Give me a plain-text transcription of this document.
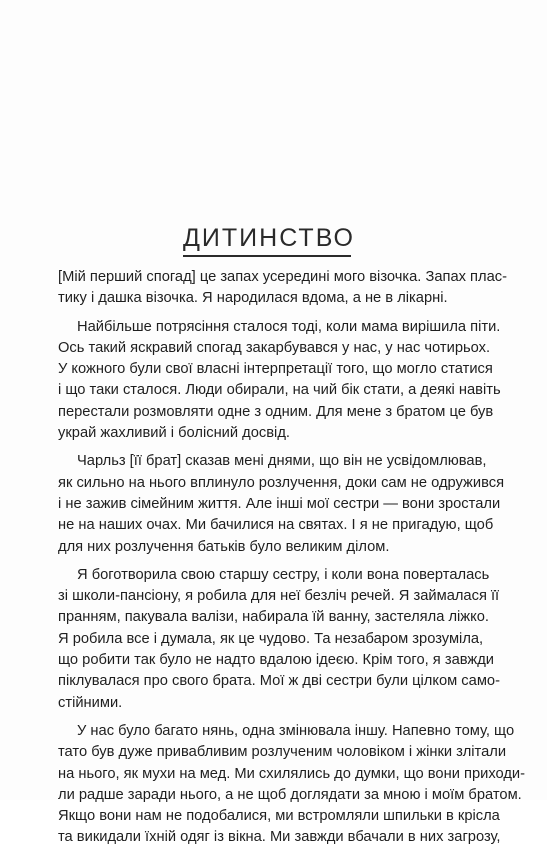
ДИТИНСТВО

[Мій перший спогад] це запах усередині мого візочка. Запах плас-
тику і дашка візочка. Я народилася вдома, а не в лікарні.

Найбільше потрясіння сталося тоді, коли мама вирішила піти.
Ось такий яскравий спогад закарбувався у нас, у нас чотирьох.
У кожного були свої власні інтерпретації того, що могло статися
і що таки сталося. Люди обирали, на чий бік стати, а деякі навіть
перестали розмовляти одне з одним. Для мене з братом це був
украй жахливий і болісний досвід.

Чарльз [її брат] сказав мені днями, що він не усвідомлював,
як сильно на нього вплинуло розлучення, доки сам не одружився
і не зажив сімейним життя. Але інші мої сестри — вони зростали
не на наших очах. Ми бачилися на святах. І я не пригадую, щоб
для них розлучення батьків було великим ділом.

Я боготворила свою старшу сестру, і коли вона поверталась
зі школи-пансіону, я робила для неї безліч речей. Я займалася її
пранням, пакувала валізи, набирала їй ванну, застеляла ліжко.
Я робила все і думала, як це чудово. Та незабаром зрозуміла,
що робити так було не надто вдалою ідеєю. Крім того, я завжди
піклувалася про свого брата. Мої ж дві сестри були цілком само-
стійними.

У нас було багато нянь, одна змінювала іншу. Напевно тому, що
тато був дуже привабливим розлученим чоловіком і жінки злітали
на нього, як мухи на мед. Ми схилялись до думки, що вони приходи-
ли радше заради нього, а не щоб доглядати за мною і моїм братом.
Якщо вони нам не подобалися, ми встромляли шпильки в крісла
та викидали їхній одяг із вікна. Ми завжди вбачали в них загрозу,
